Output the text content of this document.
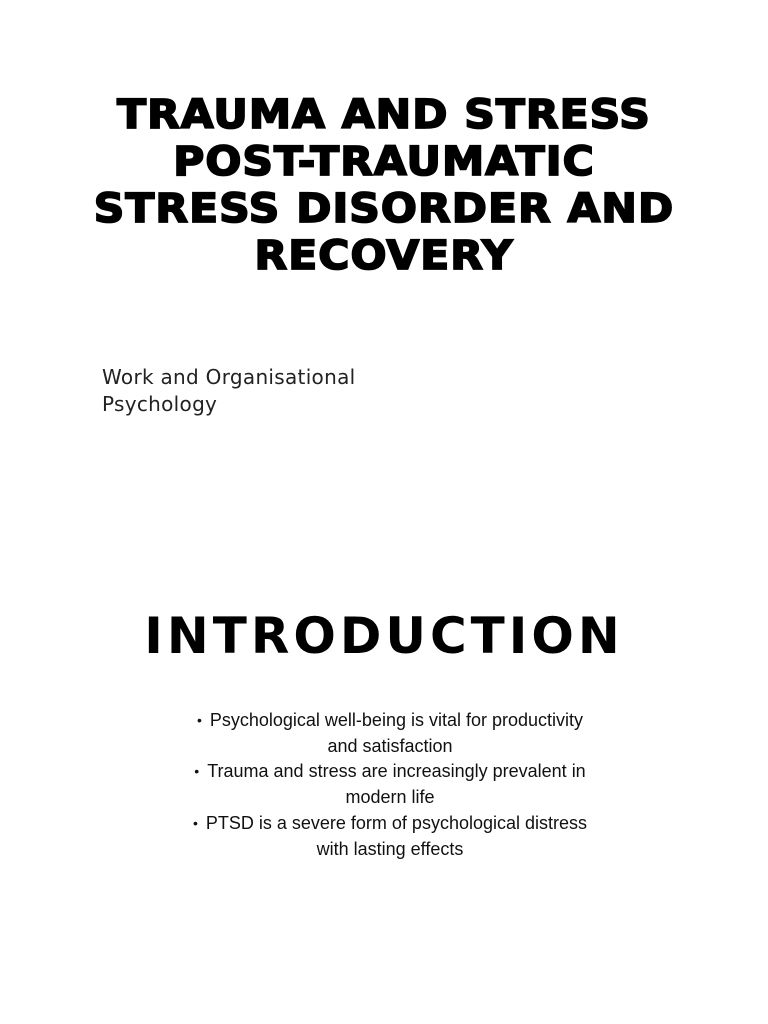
TRAUMA AND STRESS
POST-TRAUMATIC
STRESS DISORDER AND
RECOVERY

Work and Organisational
Psychology

INTRODUCTION
• Psychological well-being is vital for productivity
and satisfaction
• Trauma and stress are increasingly prevalent in
modern life
• PTSD is a severe form of psychological distress
with lasting effects
